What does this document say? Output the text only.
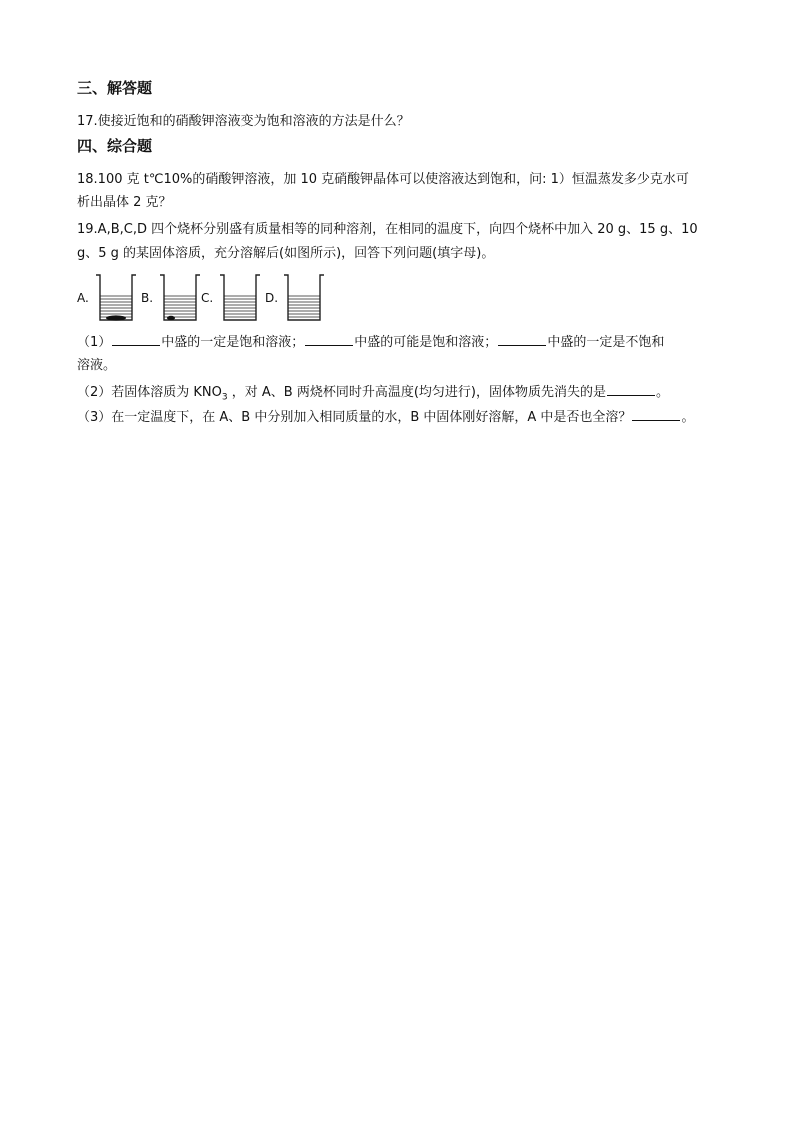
三、解答题
17.使接近饱和的硝酸钾溶液变为饱和溶液的方法是什么？
四、综合题
18.100 克 t℃10%的硝酸钾溶液，加 10 克硝酸钾晶体可以使溶液达到饱和，问: 1）恒温蒸发多少克水可
析出晶体 2 克？
19.A,B,C,D 四个烧杯分别盛有质量相等的同种溶剂，在相同的温度下，向四个烧杯中加入 20 g、15 g、10
g、5 g 的某固体溶质，充分溶解后(如图所示)，回答下列问题(填字母)。
A.	B.	C.	D.
（1）	中盛的一定是饱和溶液；	中盛的可能是饱和溶液；	中盛的一定是不饱和
溶液。
（2）若固体溶质为 $KNO_3$ ，对 A、B 两烧杯同时升高温度(均匀进行)，固体物质先消失的是	。
（3）在一定温度下，在 A、B 中分别加入相同质量的水，B 中固体刚好溶解，A 中是否也全溶？	。
